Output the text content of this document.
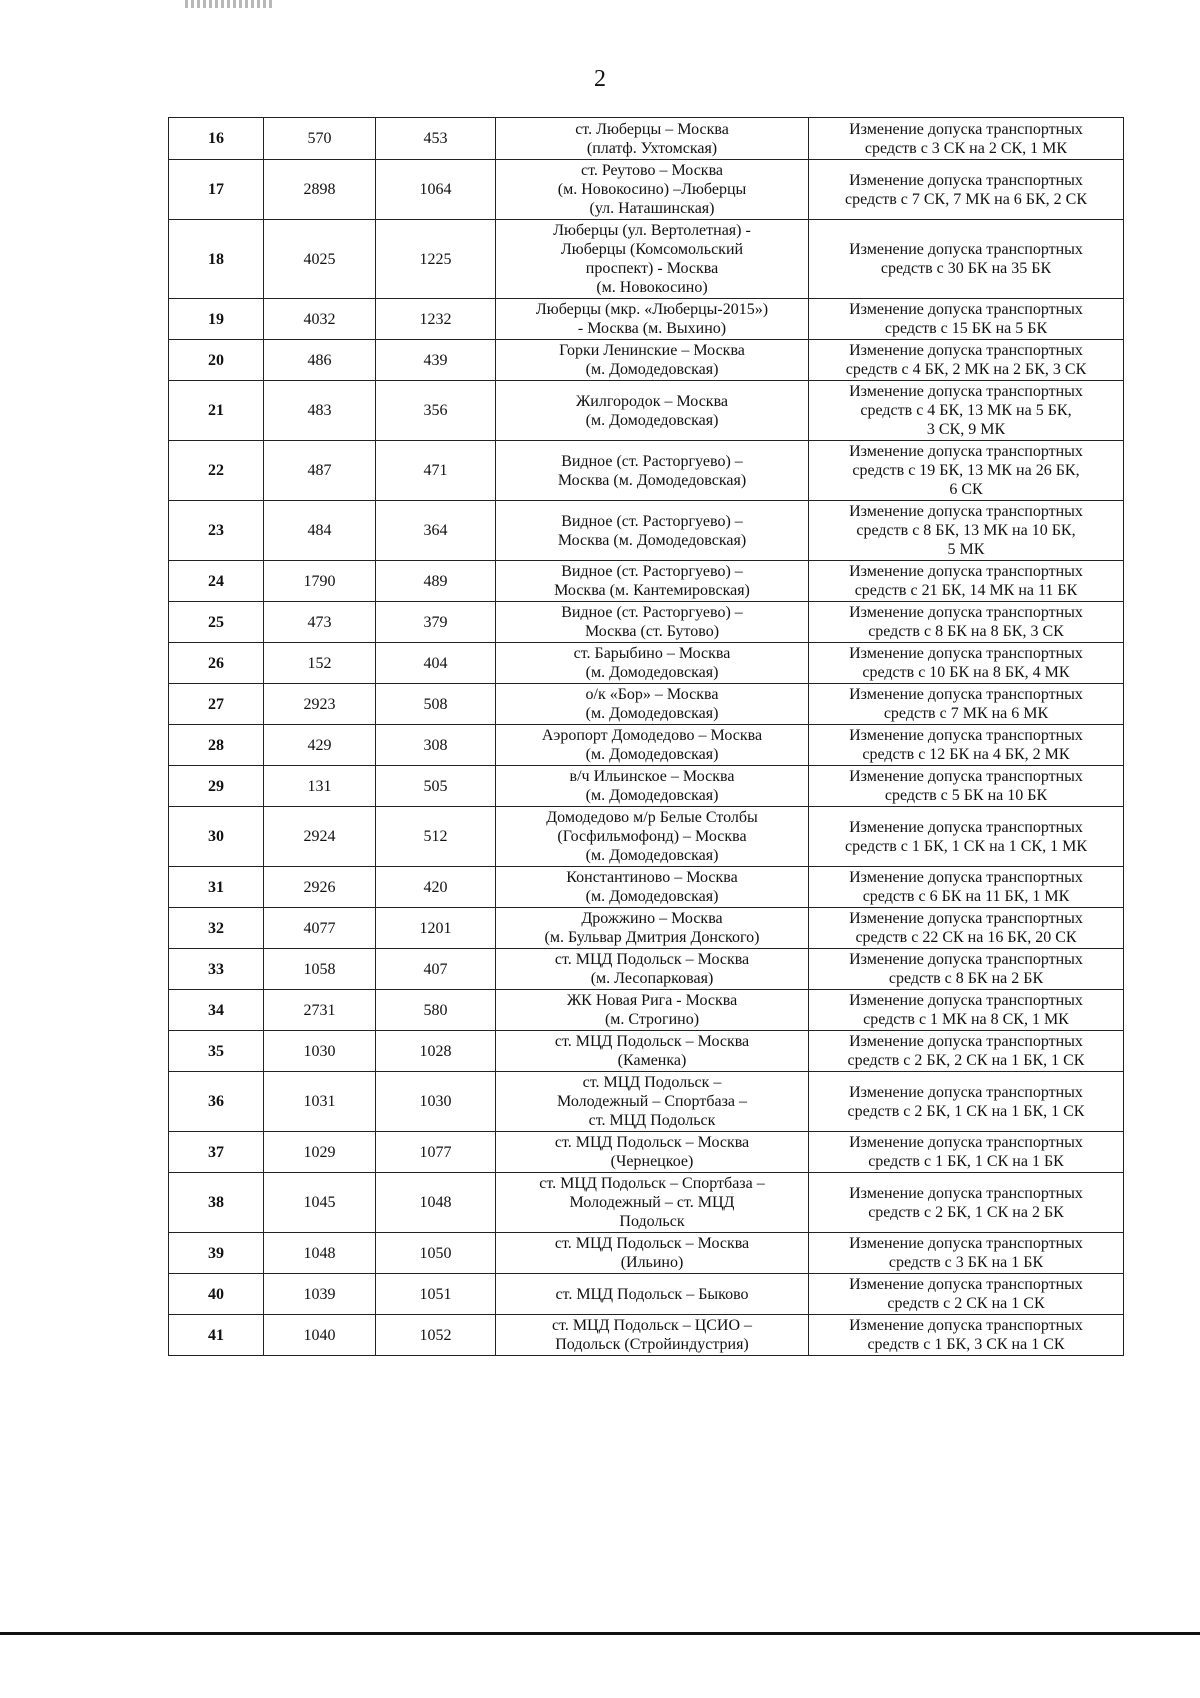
2
16	570	453	ст. Люберцы – Москва
(платф. Ухтомская)	Изменение допуска транспортных
средств с 3 СК на 2 СК, 1 МК
17	2898	1064	ст. Реутово – Москва
(м. Новокосино) –Люберцы
(ул. Наташинская)	Изменение допуска транспортных
средств с 7 СК, 7 МК на 6 БК, 2 СК
18	4025	1225	Люберцы (ул. Вертолетная) -
Люберцы (Комсомольский
проспект) - Москва
(м. Новокосино)	Изменение допуска транспортных
средств с 30 БК на 35 БК
19	4032	1232	Люберцы (мкр. «Люберцы-2015»)
- Москва (м. Выхино)	Изменение допуска транспортных
средств с 15 БК на 5 БК
20	486	439	Горки Ленинские – Москва
(м. Домодедовская)	Изменение допуска транспортных
средств с 4 БК, 2 МК на 2 БК, 3 СК
21	483	356	Жилгородок – Москва
(м. Домодедовская)	Изменение допуска транспортных
средств с 4 БК, 13 МК на 5 БК,
3 СК, 9 МК
22	487	471	Видное (ст. Расторгуево) –
Москва (м. Домодедовская)	Изменение допуска транспортных
средств с 19 БК, 13 МК на 26 БК,
6 СК
23	484	364	Видное (ст. Расторгуево) –
Москва (м. Домодедовская)	Изменение допуска транспортных
средств с 8 БК, 13 МК на 10 БК,
5 МК
24	1790	489	Видное (ст. Расторгуево) –
Москва (м. Кантемировская)	Изменение допуска транспортных
средств с 21 БК, 14 МК на 11 БК
25	473	379	Видное (ст. Расторгуево) –
Москва (ст. Бутово)	Изменение допуска транспортных
средств с 8 БК на 8 БК, 3 СК
26	152	404	ст. Барыбино – Москва
(м. Домодедовская)	Изменение допуска транспортных
средств с 10 БК на 8 БК, 4 МК
27	2923	508	о/к «Бор» – Москва
(м. Домодедовская)	Изменение допуска транспортных
средств с 7 МК на 6 МК
28	429	308	Аэропорт Домодедово – Москва
(м. Домодедовская)	Изменение допуска транспортных
средств с 12 БК на 4 БК, 2 МК
29	131	505	в/ч Ильинское – Москва
(м. Домодедовская)	Изменение допуска транспортных
средств с 5 БК на 10 БК
30	2924	512	Домодедово м/р Белые Столбы
(Госфильмофонд) – Москва
(м. Домодедовская)	Изменение допуска транспортных
средств с 1 БК, 1 СК на 1 СК, 1 МК
31	2926	420	Константиново – Москва
(м. Домодедовская)	Изменение допуска транспортных
средств с 6 БК на 11 БК, 1 МК
32	4077	1201	Дрожжино – Москва
(м. Бульвар Дмитрия Донского)	Изменение допуска транспортных
средств с 22 СК на 16 БК, 20 СК
33	1058	407	ст. МЦД Подольск – Москва
(м. Лесопарковая)	Изменение допуска транспортных
средств с 8 БК на 2 БК
34	2731	580	ЖК Новая Рига - Москва
(м. Строгино)	Изменение допуска транспортных
средств с 1 МК на 8 СК, 1 МК
35	1030	1028	ст. МЦД Подольск – Москва
(Каменка)	Изменение допуска транспортных
средств с 2 БК, 2 СК на 1 БК, 1 СК
36	1031	1030	ст. МЦД Подольск –
Молодежный – Спортбаза –
ст. МЦД Подольск	Изменение допуска транспортных
средств с 2 БК, 1 СК на 1 БК, 1 СК
37	1029	1077	ст. МЦД Подольск – Москва
(Чернецкое)	Изменение допуска транспортных
средств с 1 БК, 1 СК на 1 БК
38	1045	1048	ст. МЦД Подольск – Спортбаза –
Молодежный – ст. МЦД
Подольск	Изменение допуска транспортных
средств с 2 БК, 1 СК на 2 БК
39	1048	1050	ст. МЦД Подольск – Москва
(Ильино)	Изменение допуска транспортных
средств с 3 БК на 1 БК
40	1039	1051	ст. МЦД Подольск – Быково	Изменение допуска транспортных
средств с 2 СК на 1 СК
41	1040	1052	ст. МЦД Подольск – ЦСИО –
Подольск (Стройиндустрия)	Изменение допуска транспортных
средств с 1 БК, 3 СК на 1 СК
